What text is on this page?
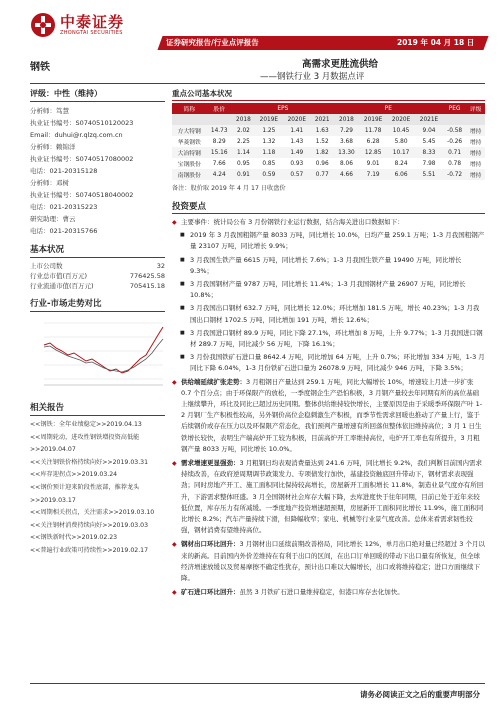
中泰证券
ZHONGTAI SECURITIES
证券研究报告/行业点评报告	2019 年 04 月 18 日
钢铁	高需求更胜流供给
——钢铁行业 3 月数据点评
评级：中性（维持）
分析师：笃慧
执业证书编号：S0740510120023
Email：duhui@r.qlzq.com.cn
分析师：赖锦洋
执业证书编号：S0740517080002
电话：021-20315128
分析师：邓树
执业证书编号：S0740518040002
电话：021-20315223
研究助理：曹云
电话：021-20315766
基本状况
上市公司数	32
行业总市值(百万元)	776425.58
行业流通市值(百万元)	705415.18
行业-市场走势对比
相关报告
<<钢铁：全年业绩稳定>>2019.04.13
<<周期轮动，进攻性钢铁增投资高低能>>2019.04.07
<<关注钢铁价格持续向好>>2019.03.31
<<库存迎拐点>>2019.03.24
<<钢价预计迎来阶段性底部，推荐龙头>>2019.03.17
<<周期相关拐点，关注需求>>2019.03.10
<<关注钢材消费持续向好>>2019.03.03
<<钢铁新时代>>2019.02.23
<<普遍行业政策可持续性>>2019.02.17
重点公司基本状况
简称	股价	EPS				PE				PEG	评级
		2018	2019E	2020E	2021	2018	2019E	2020E	2021E		
方大特钢	14.73	2.02	1.25	1.41	1.63	7.29	11.78	10.45	9.04	-0.58	增持
华菱钢铁	8.29	2.25	1.32	1.43	1.52	3.68	6.28	5.80	5.45	-0.26	增持
大冶特钢	15.16	1.14	1.18	1.49	1.82	13.30	12.85	10.17	8.33	0.71	增持
宝钢股份	7.66	0.95	0.85	0.93	0.96	8.06	9.01	8.24	7.98	0.78	增持
南钢股份	4.24	0.91	0.59	0.57	0.77	4.66	7.19	6.06	5.51	-0.72	增持
备注：股价取 2019 年 4 月 17 日收盘价
投资要点
◆ 主要事件：统计局公布 3 月份钢铁行业运行数据，结合海关进出口数据如下：
■ 2019 年 3 月我国粗钢产量 8033 万吨，同比增长 10.0%，日均产量 259.1 万吨；1-3 月我国粗钢产量 23107 万吨，同比增长 9.9%；
■ 3 月我国生铁产量 6615 万吨，同比增长 7.6%；1-3 月我国生铁产量 19490 万吨，同比增长 9.3%；
■ 3 月我国钢材产量 9787 万吨，同比增长 11.4%；1-3 月我国钢材产量 26907 万吨，同比增长 10.8%；
■ 3 月我国出口钢材 632.7 万吨，同比增长 12.0%；环比增加 181.5 万吨，增长 40.23%；1-3 月我国出口钢材 1702.5 万吨，同比增加 191 万吨，增长 12.6%；
■ 3 月我国进口钢材 89.9 万吨，同比下降 27.1%，环比增加 8 万吨，上升 9.77%；1-3 月我国进口钢材 289.7 万吨，同比减少 56 万吨，下降 16.1%；
■ 3 月份我国铁矿石进口量 8642.4 万吨，同比增加 64 万吨，上升 0.7%；环比增加 334 万吨，1-3 月同比下降 6.04%，1-3 月份铁矿石进口量为 26078.9 万吨，同比减少 946 万吨，下降 3.5%；
◆ 供给端延续扩张走势：3 月粗钢日产量达到 259.1 万吨，同比大幅增长 10%，增速较上月进一步扩张 0.7 个百分点；由于环保限产的放松，一季度钢企生产恐怕积极，3 月钢产量较去年同期有所的高位基础上继续攀升，环比及同比已超过历史同期。整体供给维持较快增长，主要原因是由于采暖季环保限产叶 1-2 月钢厂生产积极性较高，另外钢价高位企稳刺激生产积极，而季节性需求回暖也推动了产量上行，鉴于后续钢价或存在压力以及环保限产常态化，我们预判产量增速有所回落但整体依旧维持高位；3 月 1 日生铁增长较快，表明生产端高炉开工较为积极，目前高炉开工率维持高位，电炉开工率也有所提升，3 月粗钢产量 8033 万吨，同比增长 10.0%。
◆ 需求增速更显强劲：3 月粗钢日均表观消费量达到 241.6 万吨，同比增长 9.2%，我们判断目前国内需求持续改善，在政府逆周期调节政策发力、专项债发行加快，基建投资触底回升带动下，钢材需求表现强劲；同时房地产开工、施工面积同比保持较高增长，房屋新开工面积增长 11.8%，制造业景气度亦有所回升，下游需求整体旺盛。3 月全国钢材社会库存大幅下降，去库进度快于往年同期，目前已处于近年来较低位置，库存压力有所减缓。一季度地产投资增速超预期，房屋新开工面积同比增长 11.9%，施工面积同比增长 8.2%；汽车产量持续下滑，但降幅收窄；家电、机械等行业景气度改善。总体来看需求韧性较强，钢材消费有望维持高位。
◆ 钢材出口环比回升：3 月钢材出口延续前期改善格局，同比增长 12%，单月出口绝对量已经超过 3 个月以来的新高。目前国内外价差维持在有利于出口的区间，在出口订单回暖的带动下出口量有所恢复，但全球经济增速放缓以及贸易摩擦不确定性犹存，预计出口难以大幅增长，出口或将维持稳定；进口方面继续下降。
◆ 矿石进口环比回升：虽然 3 月铁矿石进口量维持稳定，但港口库存去化加快。
请务必阅读正文之后的重要声明部分
